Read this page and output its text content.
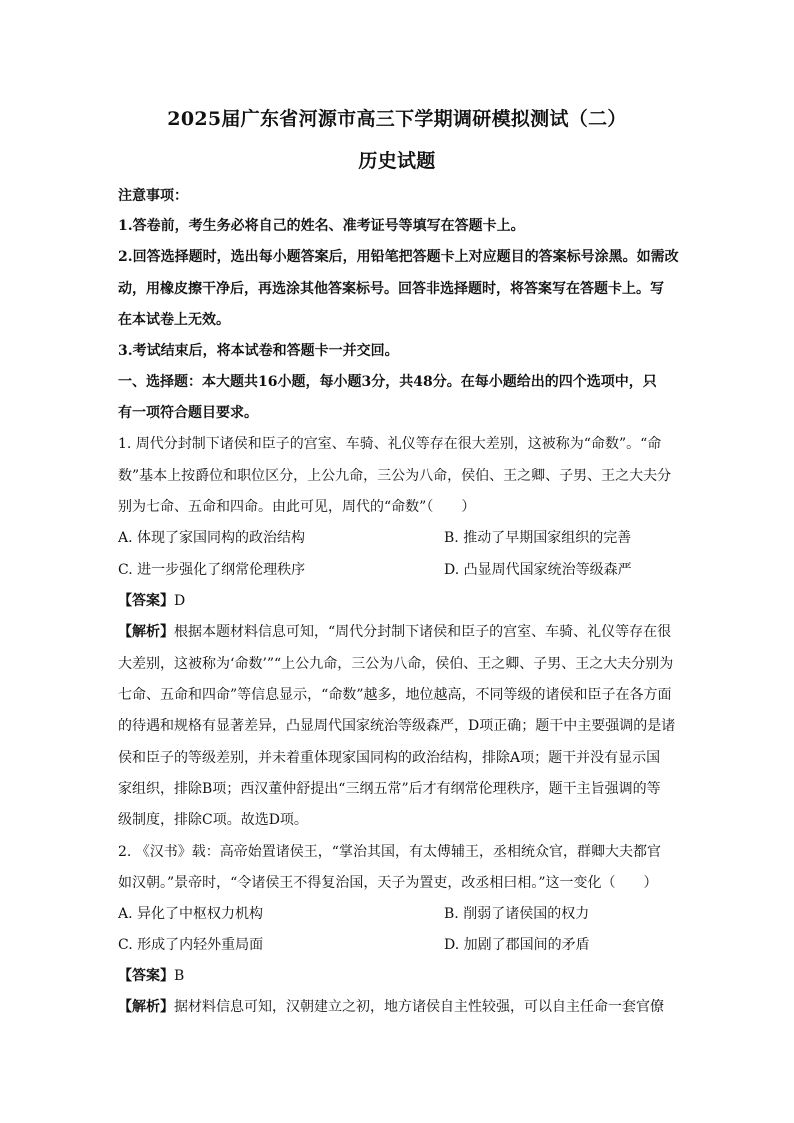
2025届广东省河源市高三下学期调研模拟测试（二）
历史试题
注意事项：
1.答卷前，考生务必将自己的姓名、准考证号等填写在答题卡上。
2.回答选择题时，选出每小题答案后，用铅笔把答题卡上对应题目的答案标号涂黑。如需改
动，用橡皮擦干净后，再选涂其他答案标号。回答非选择题时，将答案写在答题卡上。写
在本试卷上无效。
3.考试结束后，将本试卷和答题卡一并交回。
一、选择题：本大题共16小题，每小题3分，共48分。在每小题给出的四个选项中，只
有一项符合题目要求。
1. 周代分封制下诸侯和臣子的宫室、车骑、礼仪等存在很大差别，这被称为“命数”。“命
数”基本上按爵位和职位区分，上公九命，三公为八命，侯伯、王之卿、子男、王之大夫分
别为七命、五命和四命。由此可见，周代的“命数”（　　）
A. 体现了家国同构的政治结构	B. 推动了早期国家组织的完善
C. 进一步强化了纲常伦理秩序	D. 凸显周代国家统治等级森严
【答案】D
【解析】根据本题材料信息可知，“周代分封制下诸侯和臣子的宫室、车骑、礼仪等存在很
大差别，这被称为‘命数’”“上公九命，三公为八命，侯伯、王之卿、子男、王之大夫分别为
七命、五命和四命”等信息显示，“命数”越多，地位越高，不同等级的诸侯和臣子在各方面
的待遇和规格有显著差异，凸显周代国家统治等级森严，D项正确；题干中主要强调的是诸
侯和臣子的等级差别，并未着重体现家国同构的政治结构，排除A项；题干并没有显示国
家组织，排除B项；西汉董仲舒提出“三纲五常”后才有纲常伦理秩序，题干主旨强调的等
级制度，排除C项。故选D项。
2. 《汉书》载：高帝始置诸侯王，“掌治其国，有太傅辅王，丞相统众官，群卿大夫都官
如汉朝。”景帝时，“令诸侯王不得复治国，天子为置吏，改丞相曰相。”这一变化（　　）
A. 异化了中枢权力机构	B. 削弱了诸侯国的权力
C. 形成了内轻外重局面	D. 加剧了郡国间的矛盾
【答案】B
【解析】据材料信息可知，汉朝建立之初，地方诸侯自主性较强，可以自主任命一套官僚
